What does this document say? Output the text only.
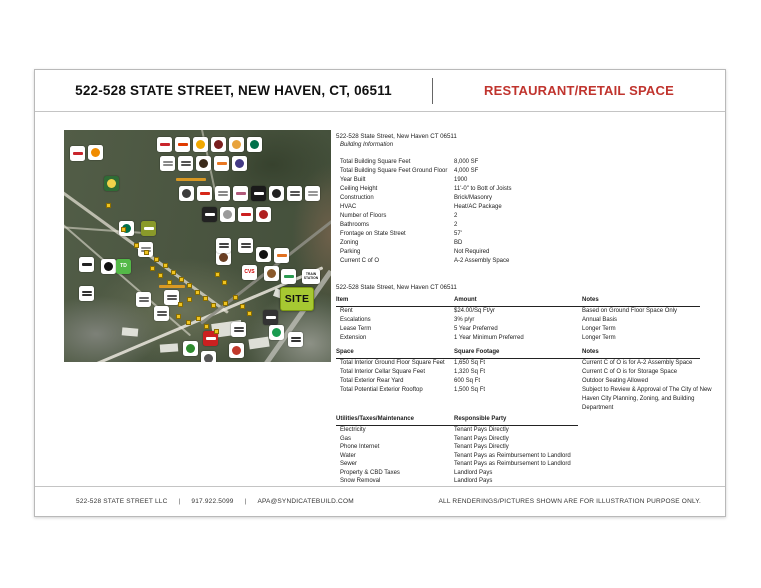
522-528 STATE STREET, NEW HAVEN, CT, 06511	RESTAURANT/RETAIL SPACE
TD
CVS	TRAIN STATION
SITE
522-528 State Street, New Haven CT 06511
Building Information
Total Building Square Feet	8,000 SF
Total Building Square Feet Ground Floor	4,000 SF
Year Built	1900
Ceiling Height	11'-0" to Bott of Joists
Construction	Brick/Masonry
HVAC	Heat/AC Package
Number of Floors	2
Bathrooms	2
Frontage on State Street	57'
Zoning	BD
Parking	Not Required
Current C of O	A-2 Assembly Space
522-528 State Street, New Haven CT 06511
Item	Amount	Notes
Rent	$24.00/Sq Ft/yr	Based on Ground Floor Space Only
Escalations	3% p/yr	Annual Basis
Lease Term	5 Year Preferred	Longer Term
Extension	1 Year Minimum Preferred	Longer Term
Space	Square Footage	Notes
Total Interior Ground Floor Square Feet	1,650 Sq Ft	Current C of O is for A-2 Assembly Space
Total Interior Cellar Square Feet	1,320 Sq Ft	Current C of O is for Storage Space
Total Exterior Rear Yard	600 Sq Ft	Outdoor Seating Allowed
Total Potential Exterior Rooftop	1,500 Sq Ft	Subject to Review & Approval of The City of New Haven City Planning, Zoning, and Building Department
Utilities/Taxes/Maintenance	Responsible Party
Electricity	Tenant Pays Directly
Gas	Tenant Pays Directly
Phone Internet	Tenant Pays Directly
Water	Tenant Pays as Reimbursement to Landlord
Sewer	Tenant Pays as Reimbursement to Landlord
Property & CBD Taxes	Landlord Pays
Snow Removal	Landlord Pays
522-528 STATE STREET LLC | 917.922.5099 | APA@SYNDICATEBUILD.COM	ALL RENDERINGS/PICTURES SHOWN ARE FOR ILLUSTRATION PURPOSE ONLY.
